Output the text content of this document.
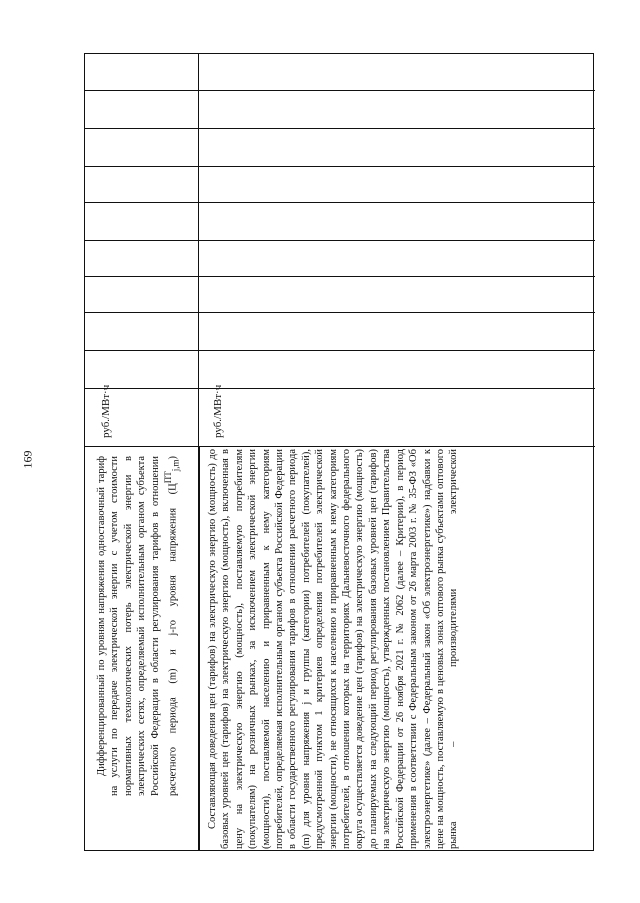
169	Дифференцированный по уровням напряжения одноставочный тариф на услуги по передаче электрической энергии с учетом стоимости нормативных технологических потерь электрической энергии в электрических сетях, определяемый исполнительным органом субъекта Российской Федерации в области регулирования тарифов в отношении расчетного периода (m) и j-го уровня напряжения $(Ц^{ПТ}_{j,m})$
руб./МВт·ч
Составляющая доведения цен (тарифов) на электрическую энергию (мощность) до базовых уровней цен (тарифов) на электрическую энергию (мощность), включенная в цену на электрическую энергию (мощность), поставляемую потребителям (покупателям) на розничных рынках, за исключением электрической энергии (мощности), поставляемой населению и приравненным к нему категориям потребителей, определяемая исполнительным органом субъекта Российской Федерации в области государственного регулирования тарифов в отношении расчетного периода (m) для уровня напряжения j и группы (категории) потребителей (покупателей), предусмотренной пунктом 1 критериев определения потребителей электрической энергии (мощности), не относящихся к населению и приравненным к нему категориям потребителей, в отношении которых на территориях Дальневосточного федерального округа осуществляется доведение цен (тарифов) на электрическую энергию (мощность) до планируемых на следующий период регулирования базовых уровней цен (тарифов) на электрическую энергию (мощность), утвержденных постановлением Правительства Российской Федерации от 26 ноября 2021 г. № 2062 (далее – Критерии), в период применения в соответствии с Федеральным законом от 26 марта 2003 г. № 35-ФЗ «Об электроэнергетике» (далее – Федеральный закон «Об электроэнергетике») надбавки к цене на мощность, поставляемую в ценовых зонах оптового рынка субъектами оптового рынка – производителями электрической
руб./МВт·ч
